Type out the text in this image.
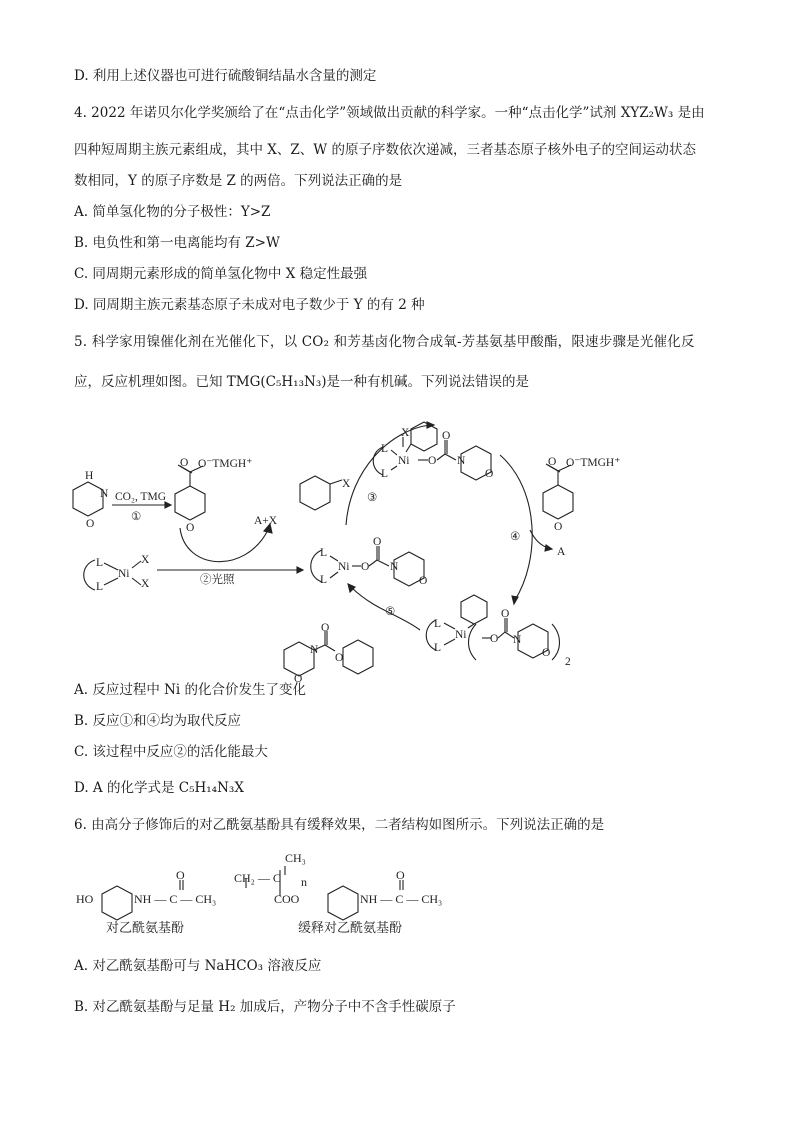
D. 利用上述仪器也可进行硫酸铜结晶水含量的测定
4. 2022 年诺贝尔化学奖颁给了在“点击化学”领域做出贡献的科学家。一种“点击化学”试剂 XYZ₂W₃ 是由
四种短周期主族元素组成，其中 X、Z、W 的原子序数依次递减，三者基态原子核外电子的空间运动状态
数相同，Y 的原子序数是 Z 的两倍。下列说法正确的是
A. 简单氢化物的分子极性：Y>Z
B. 电负性和第一电离能均有 Z>W
C. 同周期元素形成的简单氢化物中 X 稳定性最强
D. 同周期主族元素基态原子未成对电子数少于 Y 的有 2 种
5. 科学家用镍催化剂在光催化下，以 CO₂ 和芳基卤化物合成氧-芳基氨基甲酸酯，限速步骤是光催化反
应，反应机理如图。已知 TMG(C₅H₁₃N₃)是一种有机碱。下列说法错误的是
H
N
O
CO₂, TMG
①
O⁻TMGH⁺
O
O
A+X
L
L
Ni
X
X	②光照
X
③
L
L
Ni O
O
N
O
X
L
L
Ni O
O
N
O
④
A
O⁻TMGH⁺
O
O
L
L
Ni O
O
N
O
2
⑤
O
N
O
O
HO	NH — C — CH₃
O
CH₃
CH₂ — C n
COO	NH — C — CH₃
O
对乙酰氨基酚	缓释对乙酰氨基酚
A. 反应过程中 Ni 的化合价发生了变化
B. 反应①和④均为取代反应
C. 该过程中反应②的活化能最大
D. A 的化学式是 C₅H₁₄N₃X
6. 由高分子修饰后的对乙酰氨基酚具有缓释效果，二者结构如图所示。下列说法正确的是
A. 对乙酰氨基酚可与 NaHCO₃ 溶液反应
B. 对乙酰氨基酚与足量 H₂ 加成后，产物分子中不含手性碳原子
